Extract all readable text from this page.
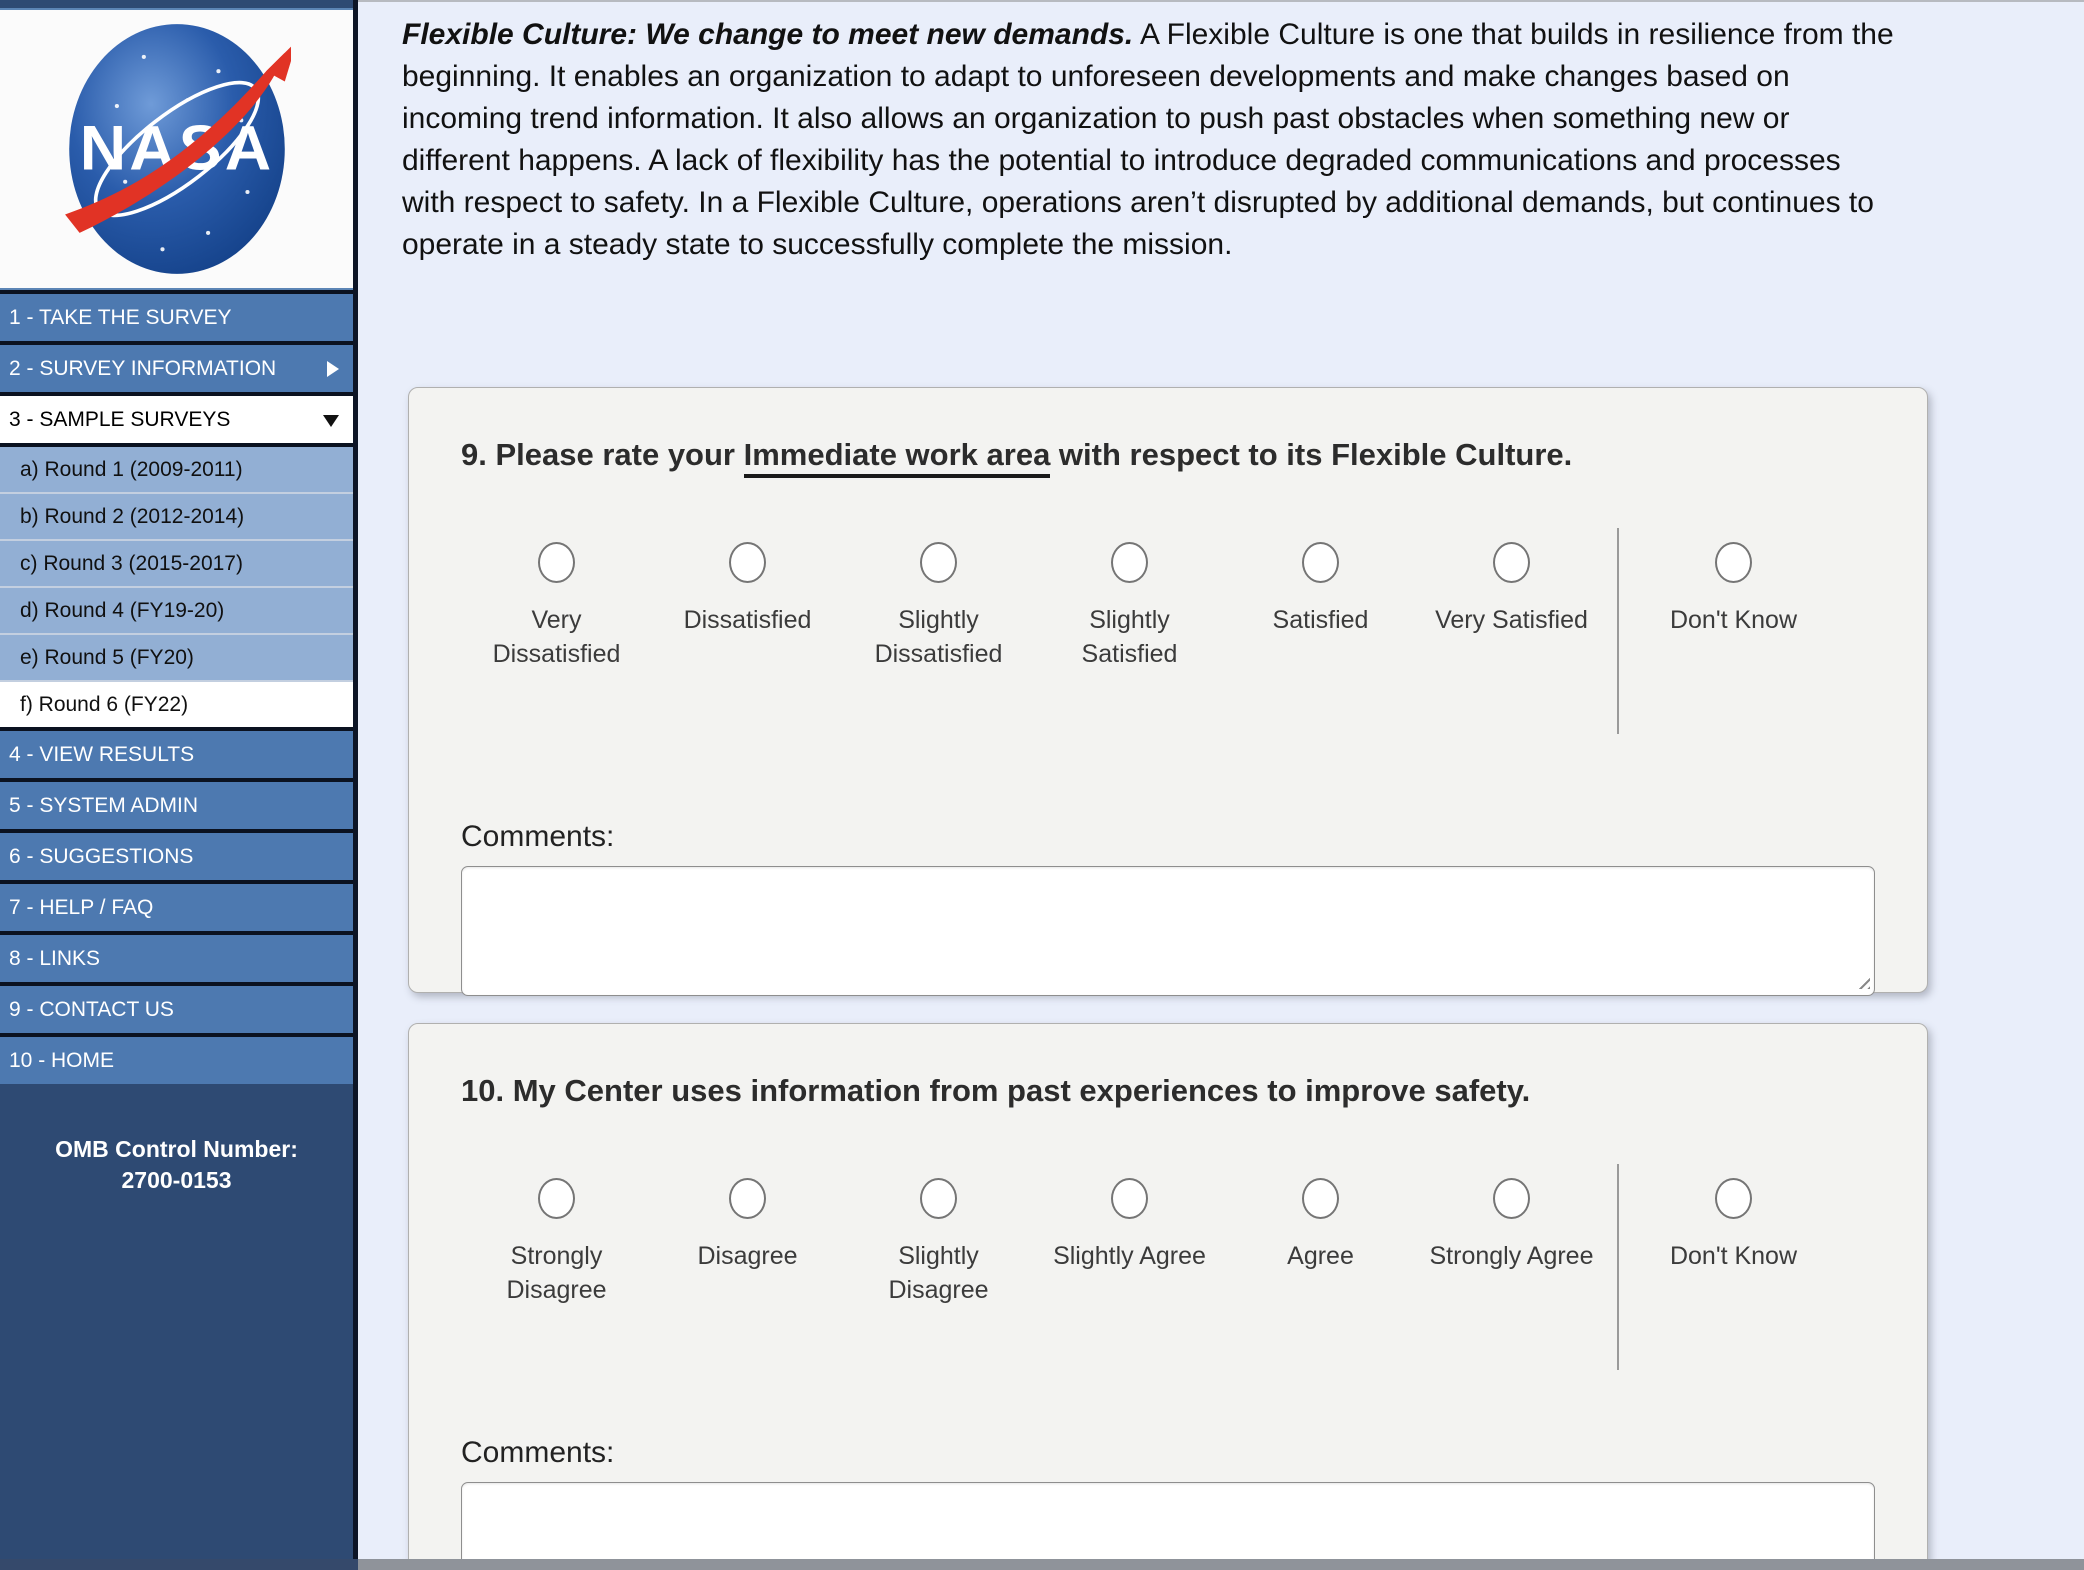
NASA
1 - TAKE THE SURVEY
2 - SURVEY INFORMATION
3 - SAMPLE SURVEYS
a) Round 1 (2009-2011)
b) Round 2 (2012-2014)
c) Round 3 (2015-2017)
d) Round 4 (FY19-20)
e) Round 5 (FY20)
f) Round 6 (FY22)
4 - VIEW RESULTS
5 - SYSTEM ADMIN
6 - SUGGESTIONS
7 - HELP / FAQ
8 - LINKS
9 - CONTACT US
10 - HOME
OMB Control Number:
2700-0153

Flexible Culture: We change to meet new demands. A Flexible Culture is one that builds in resilience from the beginning. It enables an organization to adapt to unforeseen developments and make changes based on incoming trend information. It also allows an organization to push past obstacles when something new or different happens. A lack of flexibility has the potential to introduce degraded communications and processes with respect to safety. In a Flexible Culture, operations aren’t disrupted by additional demands, but continues to operate in a steady state to successfully complete the mission.

9. Please rate your Immediate work area with respect to its Flexible Culture.
Very Dissatisfied
Dissatisfied	Slightly Dissatisfied
Slightly Satisfied
Satisfied	Very Satisfied	Don't Know
Comments:
10. My Center uses information from past experiences to improve safety.
Strongly Disagree
Disagree	Slightly Disagree
Slightly Agree	Agree	Strongly Agree	Don't Know
Comments:
